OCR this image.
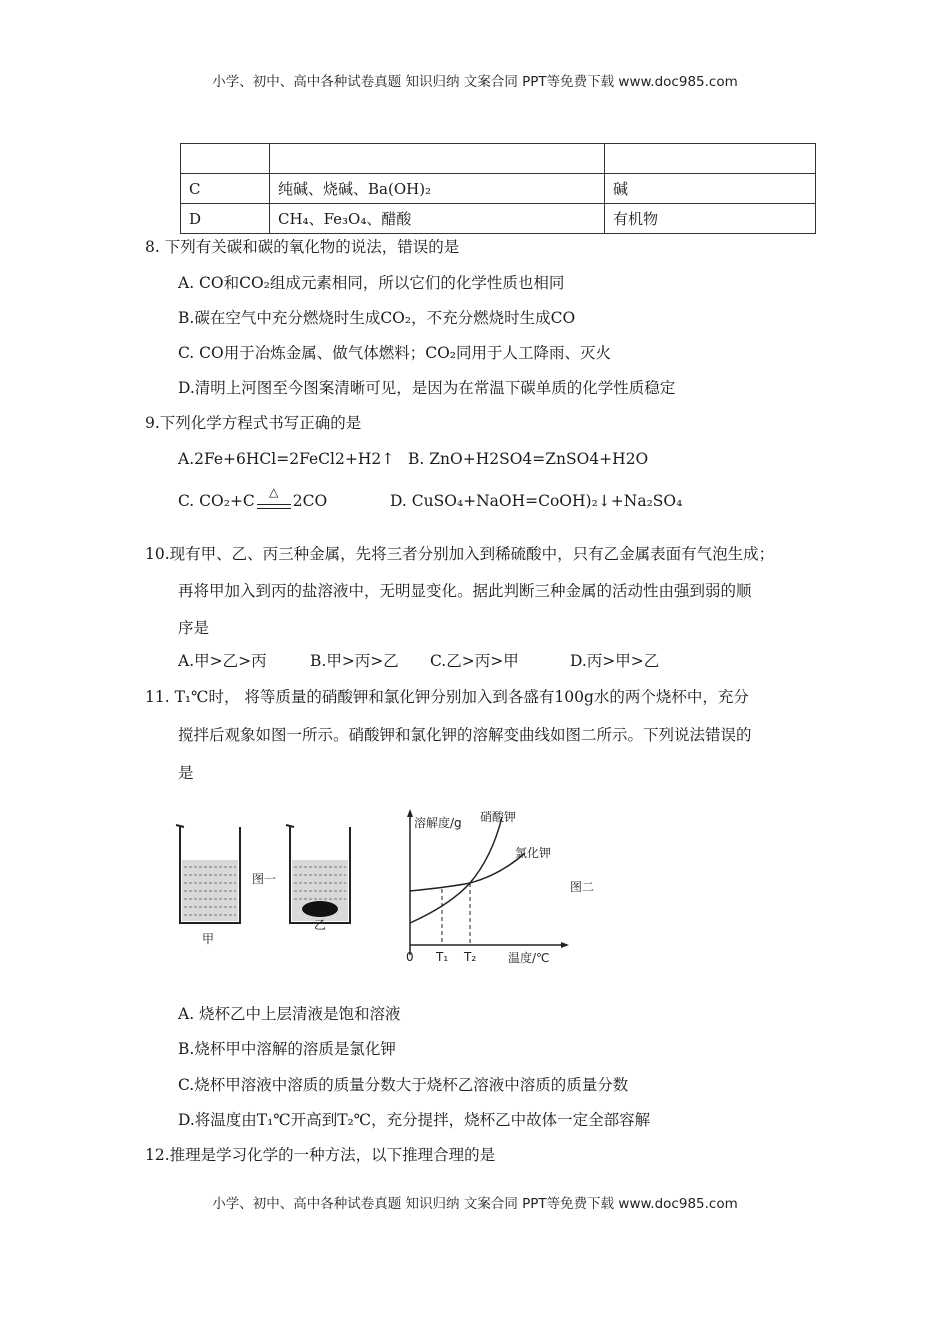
小学、初中、高中各种试卷真题 知识归纳 文案合同 PPT等免费下载 www.doc985.com

C	纯碱、烧碱、Ba(OH)₂	碱
D	CH₄、Fe₃O₄、醋酸	有机物
8. 下列有关碳和碳的氧化物的说法，错误的是
A. CO和CO₂组成元素相同，所以它们的化学性质也相同
B.碳在空气中充分燃烧时生成CO₂，不充分燃烧时生成CO
C. CO用于冶炼金属、做气体燃料；CO₂同用于人工降雨、灭火
D.清明上河图至今图案清晰可见，是因为在常温下碳单质的化学性质稳定
9.下列化学方程式书写正确的是
A.2Fe+6HCl=2FeCl2+H2↑ B. ZnO+H2SO4=ZnSO4+H2O
C. CO₂+C	△ 2CO	D. CuSO₄+NaOH=CoOH)₂↓+Na₂SO₄
10.现有甲、乙、丙三种金属，先将三者分别加入到稀硫酸中，只有乙金属表面有气泡生成；
再将甲加入到丙的盐溶液中，无明显变化。据此判断三种金属的活动性由强到弱的顺
序是
A.甲>乙>丙	B.甲>丙>乙 C.乙>丙>甲	D.丙>甲>乙
11. T₁℃时， 将等质量的硝酸钾和氯化钾分别加入到各盛有100g水的两个烧杯中，充分
搅拌后观象如图一所示。硝酸钾和氯化钾的溶解变曲线如图二所示。下列说法错误的
是
甲
图一
乙
溶解度/g 硝酸钾
氯化钾
0 T₁ T₂	温度/℃
图二
A. 烧杯乙中上层清液是饱和溶液
B.烧杯甲中溶解的溶质是氯化钾
C.烧杯甲溶液中溶质的质量分数大于烧杯乙溶液中溶质的质量分数
D.将温度由T₁℃开高到T₂℃，充分提拌，烧杯乙中故体一定全部容解
12.推理是学习化学的一种方法，以下推理合理的是
小学、初中、高中各种试卷真题 知识归纳 文案合同 PPT等免费下载 www.doc985.com
